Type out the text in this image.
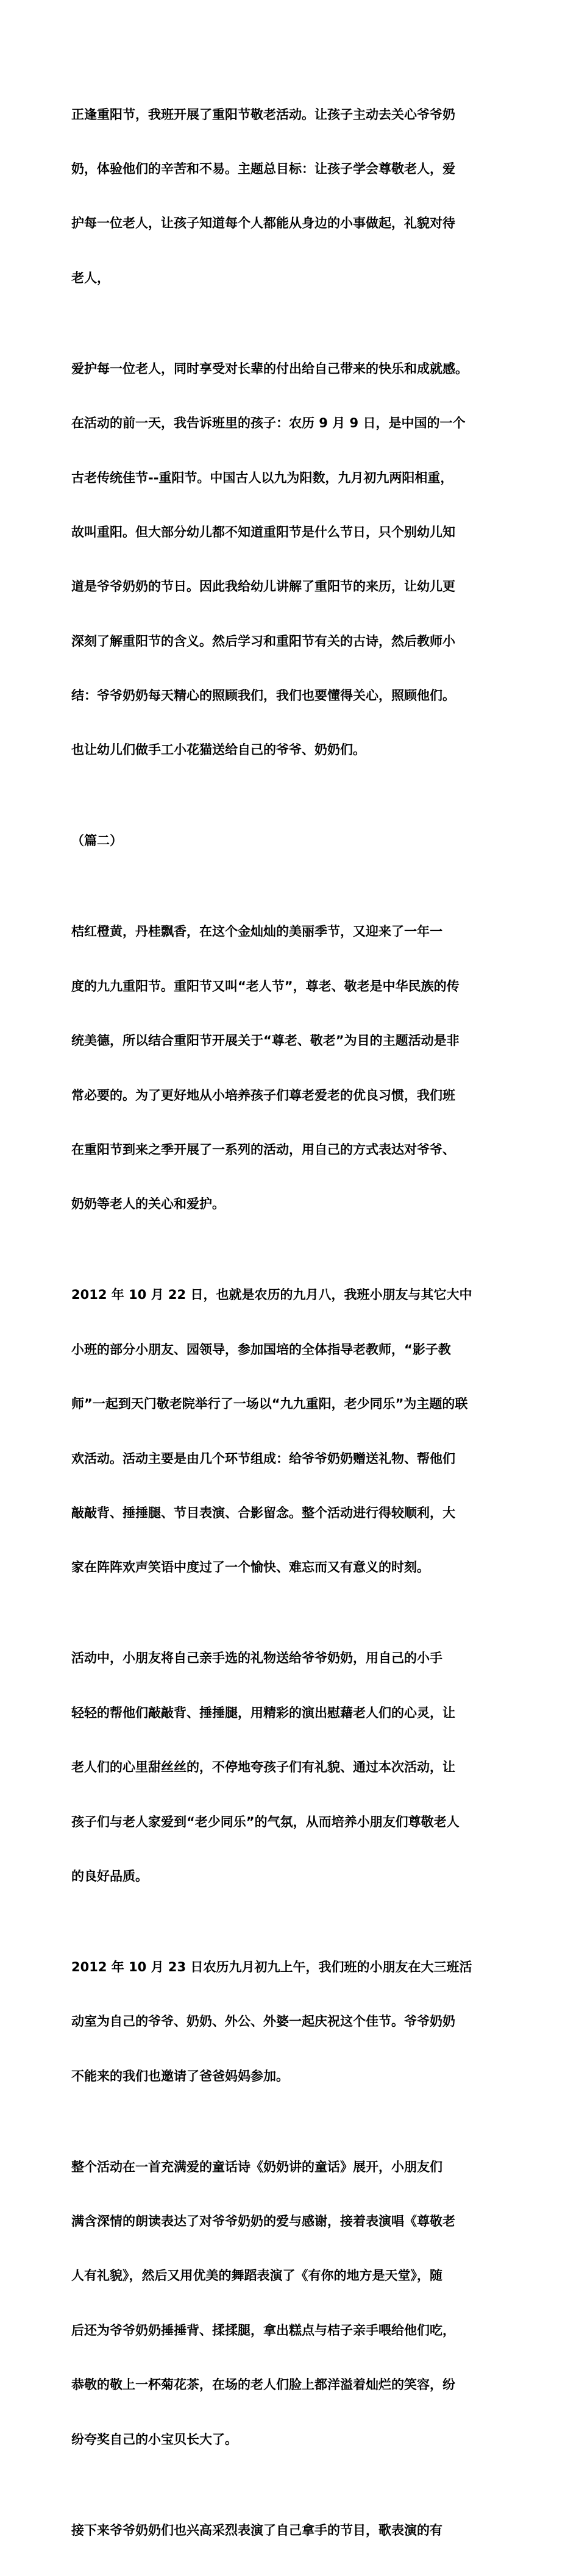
正逢重阳节，我班开展了重阳节敬老活动。让孩子主动去关心爷爷奶

奶，体验他们的辛苦和不易。主题总目标：让孩子学会尊敬老人，爱

护每一位老人，让孩子知道每个人都能从身边的小事做起，礼貌对待

老人，

爱护每一位老人，同时享受对长辈的付出给自己带来的快乐和成就感。

在活动的前一天，我告诉班里的孩子：农历 9 月 9 日，是中国的一个

古老传统佳节--重阳节。中国古人以九为阳数，九月初九两阳相重，

故叫重阳。但大部分幼儿都不知道重阳节是什么节日，只个别幼儿知

道是爷爷奶奶的节日。因此我给幼儿讲解了重阳节的来历，让幼儿更

深刻了解重阳节的含义。然后学习和重阳节有关的古诗，然后教师小

结：爷爷奶奶每天精心的照顾我们，我们也要懂得关心，照顾他们。

也让幼儿们做手工小花猫送给自己的爷爷、奶奶们。

（篇二）

桔红橙黄，丹桂飘香，在这个金灿灿的美丽季节，又迎来了一年一

度的九九重阳节。重阳节又叫“老人节”，尊老、敬老是中华民族的传

统美德，所以结合重阳节开展关于“尊老、敬老”为目的主题活动是非

常必要的。为了更好地从小培养孩子们尊老爱老的优良习惯，我们班

在重阳节到来之季开展了一系列的活动，用自己的方式表达对爷爷、

奶奶等老人的关心和爱护。

2012 年 10 月 22 日，也就是农历的九月八，我班小朋友与其它大中

小班的部分小朋友、园领导，参加国培的全体指导老教师，“影子教

师”一起到天门敬老院举行了一场以“九九重阳，老少同乐”为主题的联

欢活动。活动主要是由几个环节组成：给爷爷奶奶赠送礼物、帮他们

敲敲背、捶捶腿、节目表演、合影留念。整个活动进行得较顺利，大

家在阵阵欢声笑语中度过了一个愉快、难忘而又有意义的时刻。

活动中，小朋友将自己亲手选的礼物送给爷爷奶奶，用自己的小手

轻轻的帮他们敲敲背、捶捶腿，用精彩的演出慰藉老人们的心灵，让

老人们的心里甜丝丝的，不停地夸孩子们有礼貌、通过本次活动，让

孩子们与老人家爱到“老少同乐”的气氛，从而培养小朋友们尊敬老人

的良好品质。

2012 年 10 月 23 日农历九月初九上午，我们班的小朋友在大三班活

动室为自己的爷爷、奶奶、外公、外婆一起庆祝这个佳节。爷爷奶奶

不能来的我们也邀请了爸爸妈妈参加。

整个活动在一首充满爱的童话诗《奶奶讲的童话》展开，小朋友们

满含深情的朗读表达了对爷爷奶奶的爱与感谢，接着表演唱《尊敬老

人有礼貌》，然后又用优美的舞蹈表演了《有你的地方是天堂》，随

后还为爷爷奶奶捶捶背、揉揉腿，拿出糕点与桔子亲手喂给他们吃，

恭敬的敬上一杯菊花茶，在场的老人们脸上都洋溢着灿烂的笑容，纷

纷夸奖自己的小宝贝长大了。

接下来爷爷奶奶们也兴高采烈表演了自己拿手的节目，歌表演的有
